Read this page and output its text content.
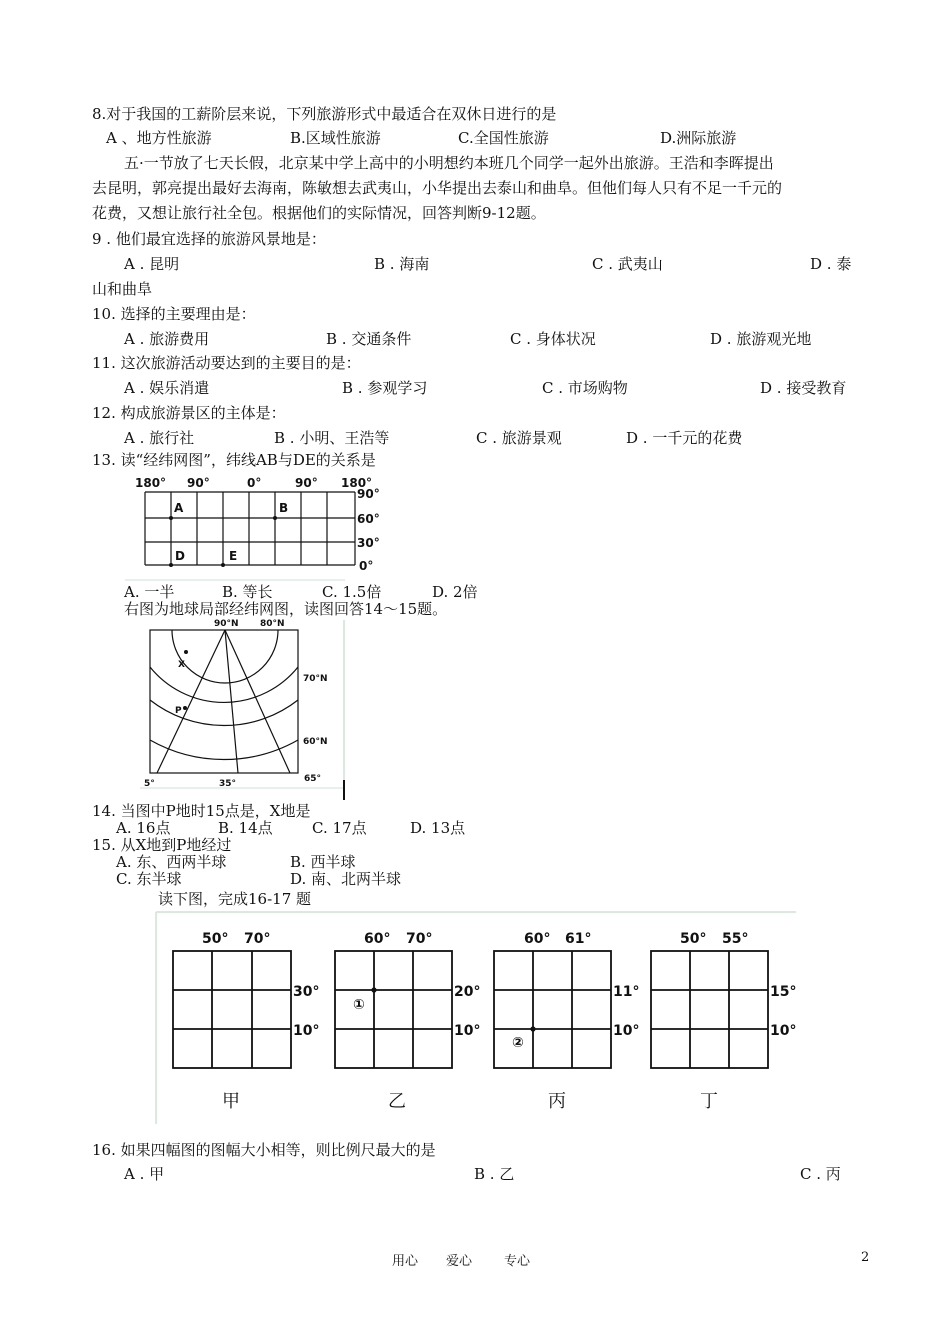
8.对于我国的工薪阶层来说，下列旅游形式中最适合在双休日进行的是
A 、地方性旅游	B.区域性旅游	C.全国性旅游	D.洲际旅游
五·一节放了七天长假，北京某中学上高中的小明想约本班几个同学一起外出旅游。王浩和李晖提出
去昆明，郭亮提出最好去海南，陈敏想去武夷山，小华提出去泰山和曲阜。但他们每人只有不足一千元的
花费，又想让旅行社全包。根据他们的实际情况，回答判断9-12题。
9 . 他们最宜选择的旅游风景地是：
A . 昆明	B . 海南	C . 武夷山	D . 泰
山和曲阜
10. 选择的主要理由是：
A . 旅游费用	B . 交通条件	C . 身体状况	D . 旅游观光地
11. 这次旅游活动要达到的主要目的是：
A . 娱乐消遣	B . 参观学习	C . 市场购物	D . 接受教育
12. 构成旅游景区的主体是：
A . 旅行社	B . 小明、王浩等	C . 旅游景观	D . 一千元的花费
13. 读“经纬网图”，纬线AB与DE的关系是
180° 90°	0°	90° 180°
90°
60°
30°
0°
A	B
D	E
A. 一半	B. 等长	C. 1.5倍	D. 2倍
右图为地球局部经纬网图，读图回答14～15题。
X
P
90°N 80°N
70°N
60°N
5°	35°	65°
14. 当图中P地时15点是，X地是
A. 16点	B. 14点	C. 17点	D. 13点
15. 从X地到P地经过
A. 东、西两半球	B. 西半球
C. 东半球	D. 南、北两半球
读下图，完成16-17 题
50° 70°
30°
10°
甲
60° 70°
20°
10°
①
乙
60° 61°
11°
10°
②
丙
50° 55°
15°
10°
丁
16. 如果四幅图的图幅大小相等，则比例尺最大的是
A . 甲	B . 乙	C . 丙
用心 爱心 专心	2
